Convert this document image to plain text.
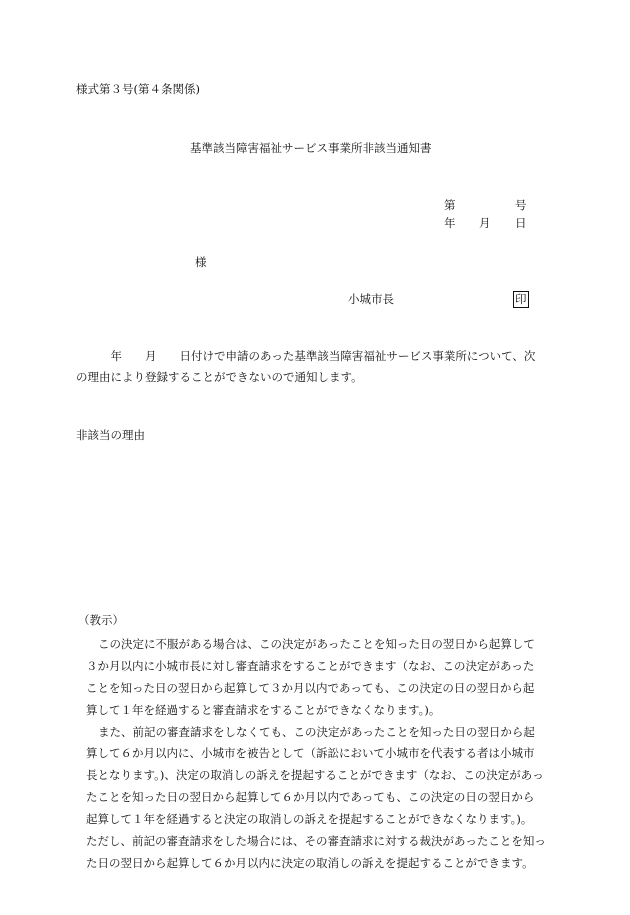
様式第３号(第４条関係)
基準該当障害福祉サービス事業所非該当通知書
第	号
年 月 日
様
小城市長	印
　　　年　　月　　日付けで申請のあった基準該当障害福祉サービス事業所について、次
の理由により登録することができないので通知します。
非該当の理由
（教示）

この決定に不服がある場合は、この決定があったことを知った日の翌日から起算して

３か月以内に小城市長に対し審査請求をすることができます（なお、この決定があった

ことを知った日の翌日から起算して３か月以内であっても、この決定の日の翌日から起

算して１年を経過すると審査請求をすることができなくなります。)。

また、前記の審査請求をしなくても、この決定があったことを知った日の翌日から起

算して６か月以内に、小城市を被告として（訴訟において小城市を代表する者は小城市

長となります。)、決定の取消しの訴えを提起することができます（なお、この決定があっ

たことを知った日の翌日から起算して６か月以内であっても、この決定の日の翌日から

起算して１年を経過すると決定の取消しの訴えを提起することができなくなります。)。

ただし、前記の審査請求をした場合には、その審査請求に対する裁決があったことを知っ

た日の翌日から起算して６か月以内に決定の取消しの訴えを提起することができます。
